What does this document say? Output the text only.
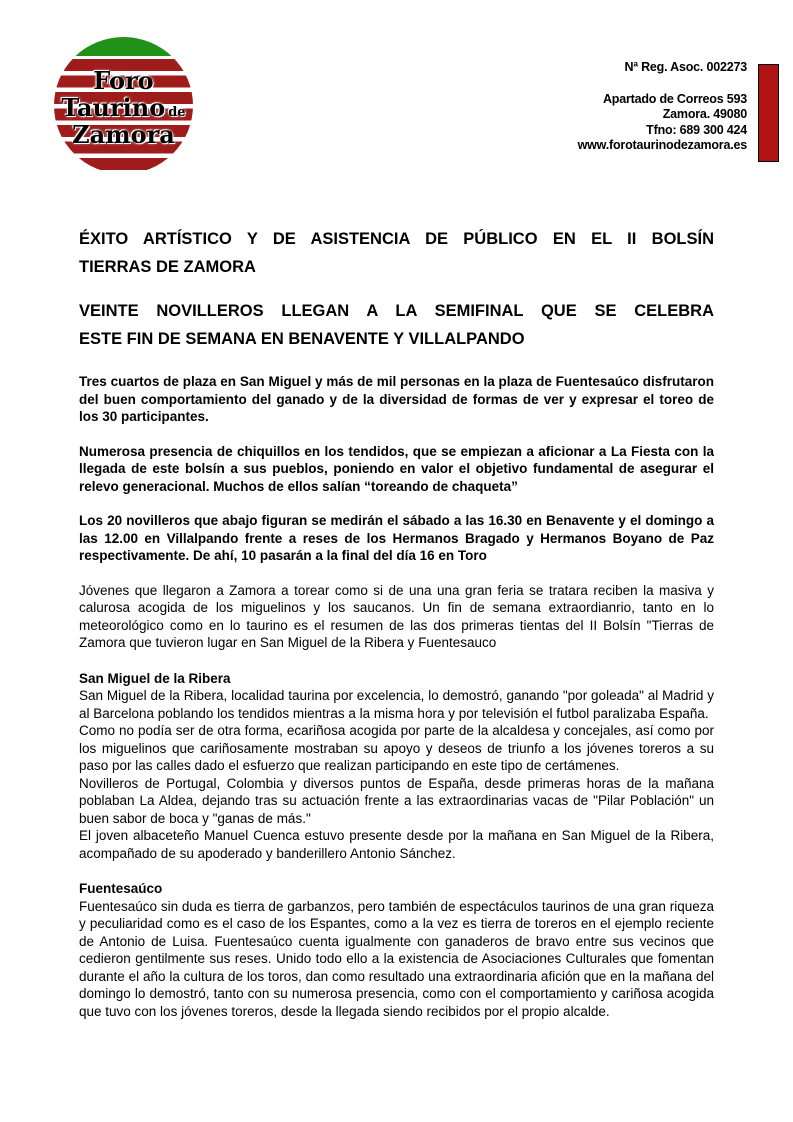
Foro
Taurino de
Zamora
Nª Reg. Asoc. 002273
Apartado de Correos 593
Zamora. 49080
Tfno: 689 300 424
www.forotaurinodezamora.es
ÉXITO ARTÍSTICO Y DE ASISTENCIA DE PÚBLICO EN EL II BOLSÍN
TIERRAS DE ZAMORA
VEINTE NOVILLEROS LLEGAN A LA SEMIFINAL QUE SE CELEBRA
ESTE FIN DE SEMANA EN BENAVENTE Y VILLALPANDO

Tres cuartos de plaza en San Miguel y más de mil personas en la plaza de Fuentesaúco disfrutaron del buen comportamiento del ganado y de la diversidad de formas de ver y expresar el toreo de los 30 participantes.

Numerosa presencia de chiquillos en los tendidos, que se empiezan a aficionar a La Fiesta con la llegada de este bolsín a sus pueblos, poniendo en valor el objetivo fundamental de asegurar el relevo generacional. Muchos de ellos salían “toreando de chaqueta”

Los 20 novilleros que abajo figuran se medirán el sábado a las 16.30 en Benavente y el domingo a las 12.00 en Villalpando frente a reses de los Hermanos Bragado y Hermanos Boyano de Paz respectivamente. De ahí, 10 pasarán a la final del día 16 en Toro

Jóvenes que llegaron a Zamora a torear como si de una una gran feria se tratara reciben la masiva y calurosa acogida de los miguelinos y los saucanos. Un fin de semana extraordianrio, tanto en lo meteorológico como en lo taurino es el resumen de las dos primeras tientas del II Bolsín "Tierras de Zamora que tuvieron lugar en San Miguel de la Ribera y Fuentesauco

San Miguel de la Ribera

San Miguel de la Ribera, localidad taurina por excelencia, lo demostró, ganando "por goleada" al Madrid y al Barcelona poblando los tendidos mientras a la misma hora y por televisión el futbol paralizaba España.

Como no podía ser de otra forma, ecariñosa acogida por parte de la alcaldesa y concejales, así como por los miguelinos que cariñosamente mostraban su apoyo y deseos de triunfo a los jóvenes toreros a su paso por las calles dado el esfuerzo que realizan participando en este tipo de certámenes.

Novilleros de Portugal, Colombia y diversos puntos de España, desde primeras horas de la mañana poblaban La Aldea, dejando tras su actuación frente a las extraordinarias vacas de "Pilar Población" un buen sabor de boca y "ganas de más."

El joven albaceteño Manuel Cuenca estuvo presente desde por la mañana en San Miguel de la Ribera, acompañado de su apoderado y banderillero Antonio Sánchez.

Fuentesaúco

Fuentesaúco sin duda es tierra de garbanzos, pero también de espectáculos taurinos de una gran riqueza y peculiaridad como es el caso de los Espantes, como a la vez es tierra de toreros en el ejemplo reciente de Antonio de Luisa. Fuentesaúco cuenta igualmente con ganaderos de bravo entre sus vecinos que cedieron gentilmente sus reses. Unido todo ello a la existencia de Asociaciones Culturales que fomentan durante el año la cultura de los toros, dan como resultado una extraordinaria afición que en la mañana del domingo lo demostró, tanto con su numerosa presencia, como con el comportamiento y cariñosa acogida que tuvo con los jóvenes toreros, desde la llegada siendo recibidos por el propio alcalde.
